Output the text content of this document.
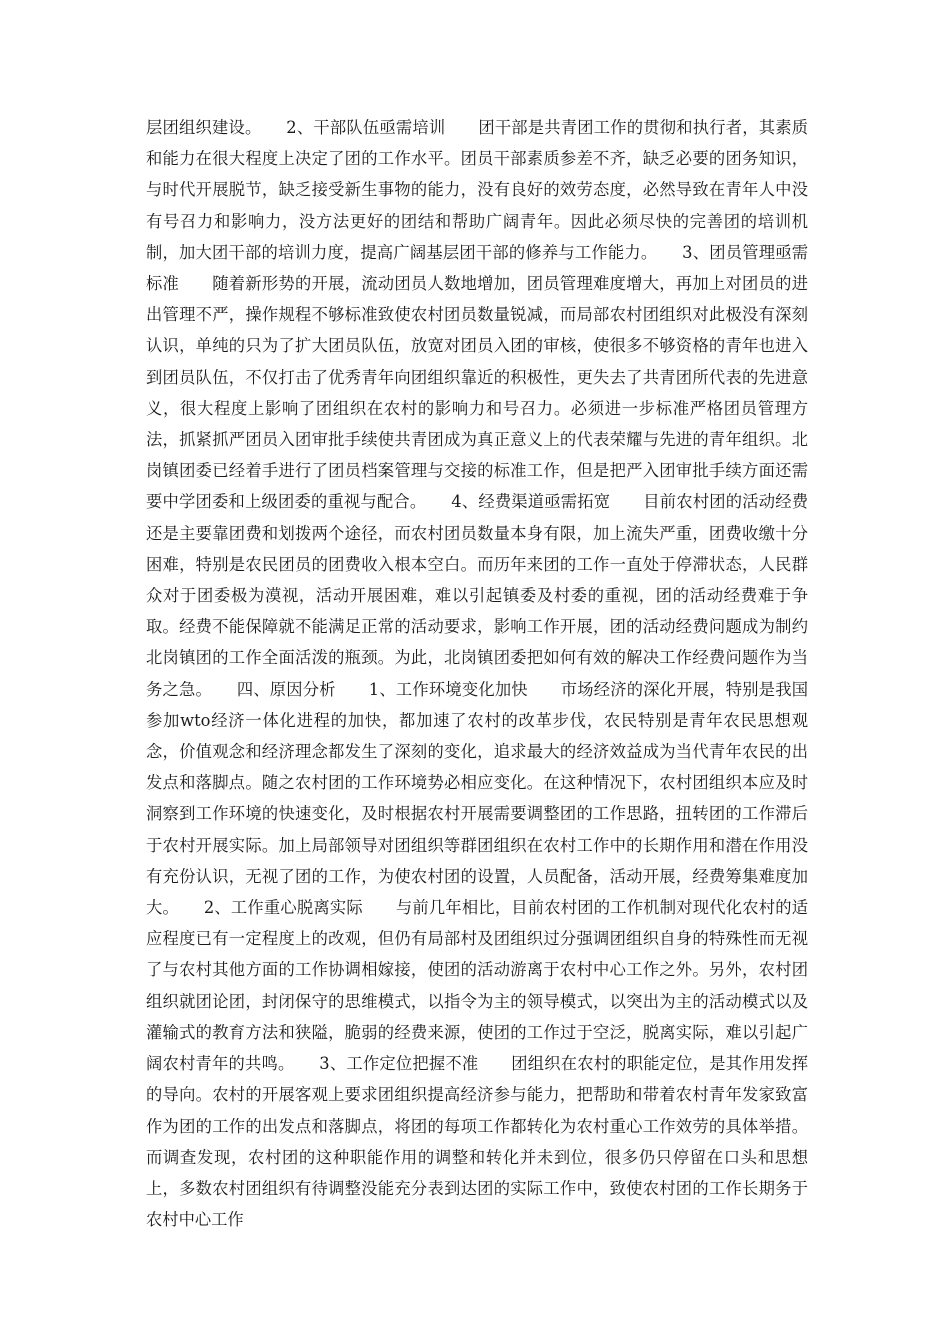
层团组织建设。　　2、干部队伍亟需培训　　团干部是共青团工作的贯彻和执行者，其素质和能力在很大程度上决定了团的工作水平。团员干部素质参差不齐，缺乏必要的团务知识，与时代开展脱节，缺乏接受新生事物的能力，没有良好的效劳态度，必然导致在青年人中没有号召力和影响力，没方法更好的团结和帮助广阔青年。因此必须尽快的完善团的培训机制，加大团干部的培训力度，提高广阔基层团干部的修养与工作能力。　　3、团员管理亟需标准　　随着新形势的开展，流动团员人数地增加，团员管理难度增大，再加上对团员的进出管理不严，操作规程不够标准致使农村团员数量锐减，而局部农村团组织对此极没有深刻认识，单纯的只为了扩大团员队伍，放宽对团员入团的审核，使很多不够资格的青年也进入到团员队伍，不仅打击了优秀青年向团组织靠近的积极性，更失去了共青团所代表的先进意义，很大程度上影响了团组织在农村的影响力和号召力。必须进一步标准严格团员管理方法，抓紧抓严团员入团审批手续使共青团成为真正意义上的代表荣耀与先进的青年组织。北岗镇团委已经着手进行了团员档案管理与交接的标准工作，但是把严入团审批手续方面还需要中学团委和上级团委的重视与配合。　　4、经费渠道亟需拓宽　　目前农村团的活动经费还是主要靠团费和划拨两个途径，而农村团员数量本身有限，加上流失严重，团费收缴十分困难，特别是农民团员的团费收入根本空白。而历年来团的工作一直处于停滞状态，人民群众对于团委极为漠视，活动开展困难，难以引起镇委及村委的重视，团的活动经费难于争取。经费不能保障就不能满足正常的活动要求，影响工作开展，团的活动经费问题成为制约北岗镇团的工作全面活泼的瓶颈。为此，北岗镇团委把如何有效的解决工作经费问题作为当务之急。　　四、原因分析　　1、工作环境变化加快　　市场经济的深化开展，特别是我国参加wto经济一体化进程的加快，都加速了农村的改革步伐，农民特别是青年农民思想观念，价值观念和经济理念都发生了深刻的变化，追求最大的经济效益成为当代青年农民的出发点和落脚点。随之农村团的工作环境势必相应变化。在这种情况下，农村团组织本应及时洞察到工作环境的快速变化，及时根据农村开展需要调整团的工作思路，扭转团的工作滞后于农村开展实际。加上局部领导对团组织等群团组织在农村工作中的长期作用和潜在作用没有充份认识，无视了团的工作，为使农村团的设置，人员配备，活动开展，经费筹集难度加大。　　2、工作重心脱离实际　　与前几年相比，目前农村团的工作机制对现代化农村的适应程度已有一定程度上的改观，但仍有局部村及团组织过分强调团组织自身的特殊性而无视了与农村其他方面的工作协调相嫁接，使团的活动游离于农村中心工作之外。另外，农村团组织就团论团，封闭保守的思维模式，以指令为主的领导模式，以突出为主的活动模式以及灌输式的教育方法和狭隘，脆弱的经费来源，使团的工作过于空泛，脱离实际，难以引起广阔农村青年的共鸣。　　3、工作定位把握不准　　团组织在农村的职能定位，是其作用发挥的导向。农村的开展客观上要求团组织提高经济参与能力，把帮助和带着农村青年发家致富作为团的工作的出发点和落脚点，将团的每项工作都转化为农村重心工作效劳的具体举措。而调查发现，农村团的这种职能作用的调整和转化并未到位，很多仍只停留在口头和思想上，多数农村团组织有待调整没能充分表到达团的实际工作中，致使农村团的工作长期务于农村中心工作
